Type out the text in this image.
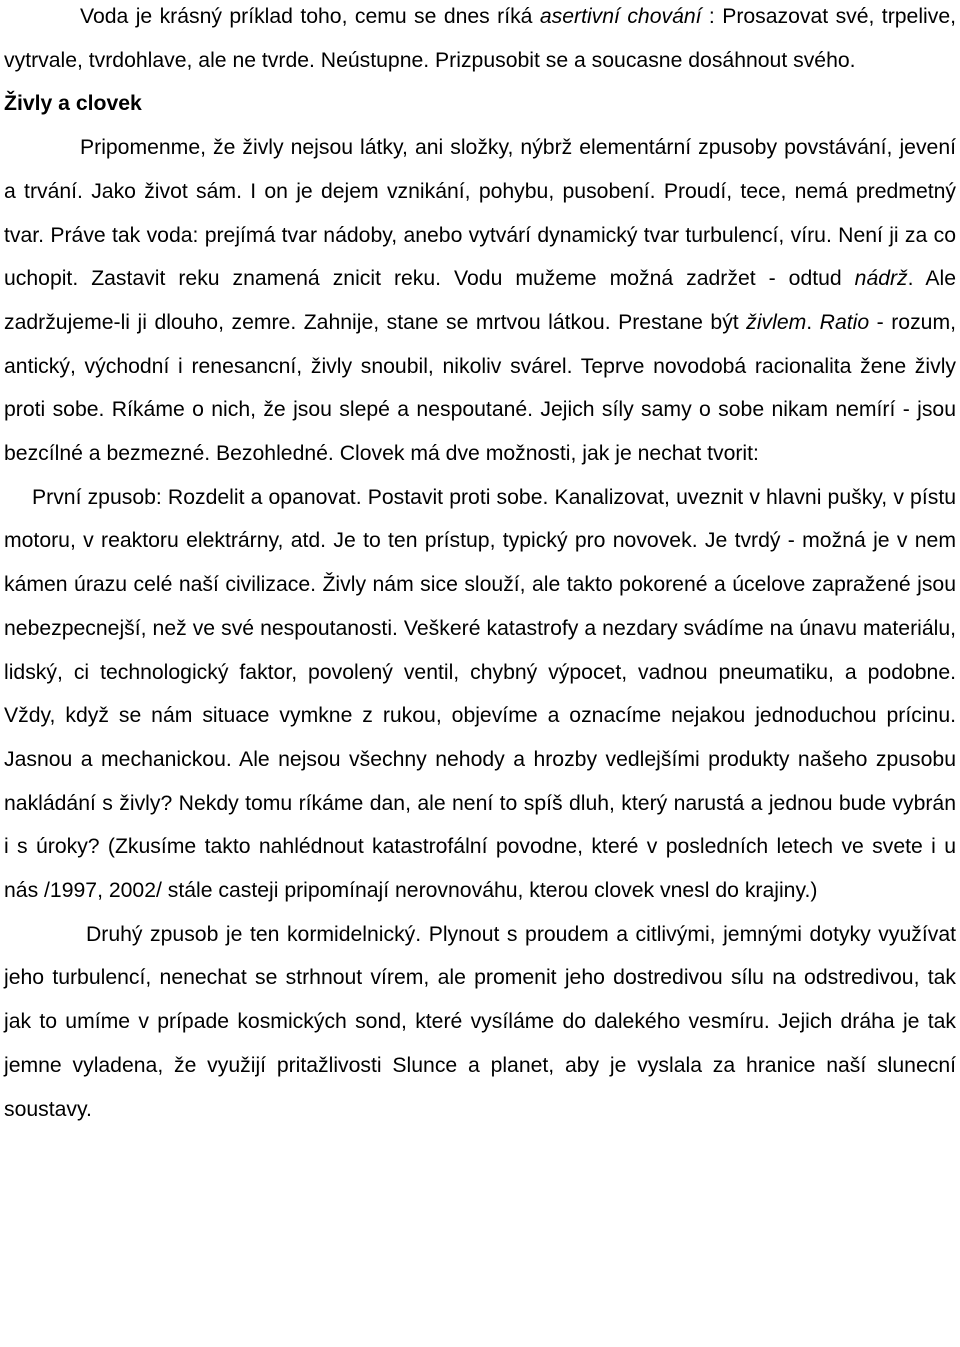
Voda je krásný príklad toho, cemu se dnes ríká asertivní chování : Prosazovat své, trpelive, vytrvale, tvrdohlave, ale ne tvrde. Neústupne. Prizpusobit se a soucasne dosáhnout svého.

Živly a clovek

Pripomenme, že živly nejsou látky, ani složky, nýbrž elementární zpusoby povstávání, jevení a trvání. Jako život sám. I on je dejem vznikání, pohybu, pusobení. Proudí, tece, nemá predmetný tvar. Práve tak voda: prejímá tvar nádoby, anebo vytvárí dynamický tvar turbulencí, víru. Není ji za co uchopit. Zastavit reku znamená znicit reku. Vodu mužeme možná zadržet - odtud nádrž. Ale zadržujeme-li ji dlouho, zemre. Zahnije, stane se mrtvou látkou. Prestane být živlem. Ratio - rozum, antický, východní i renesancní, živly snoubil, nikoliv svárel. Teprve novodobá racionalita žene živly proti sobe. Ríkáme o nich, že jsou slepé a nespoutané. Jejich síly samy o sobe nikam nemírí - jsou bezcílné a bezmezné. Bezohledné. Clovek má dve možnosti, jak je nechat tvorit:

První zpusob: Rozdelit a opanovat. Postavit proti sobe. Kanalizovat, uveznit v hlavni pušky, v pístu motoru, v reaktoru elektrárny, atd. Je to ten prístup, typický pro novovek. Je tvrdý - možná je v nem kámen úrazu celé naší civilizace. Živly nám sice slouží, ale takto pokorené a úcelove zapražené jsou nebezpecnejší, než ve své nespoutanosti. Veškeré katastrofy a nezdary svádíme na únavu materiálu, lidský, ci technologický faktor, povolený ventil, chybný výpocet, vadnou pneumatiku, a podobne. Vždy, když se nám situace vymkne z rukou, objevíme a oznacíme nejakou jednoduchou prícinu. Jasnou a mechanickou. Ale nejsou všechny nehody a hrozby vedlejšími produkty našeho zpusobu nakládání s živly? Nekdy tomu ríkáme dan, ale není to spíš dluh, který narustá a jednou bude vybrán i s úroky? (Zkusíme takto nahlédnout katastrofální povodne, které v posledních letech ve svete i u nás /1997, 2002/ stále casteji pripomínají nerovnováhu, kterou clovek vnesl do krajiny.)

Druhý zpusob je ten kormidelnický. Plynout s proudem a citlivými, jemnými dotyky využívat jeho turbulencí, nenechat se strhnout vírem, ale promenit jeho dostredivou sílu na odstredivou, tak jak to umíme v prípade kosmických sond, které vysíláme do dalekého vesmíru. Jejich dráha je tak jemne vyladena, že využijí pritažlivosti Slunce a planet, aby je vyslala za hranice naší slunecní soustavy.
